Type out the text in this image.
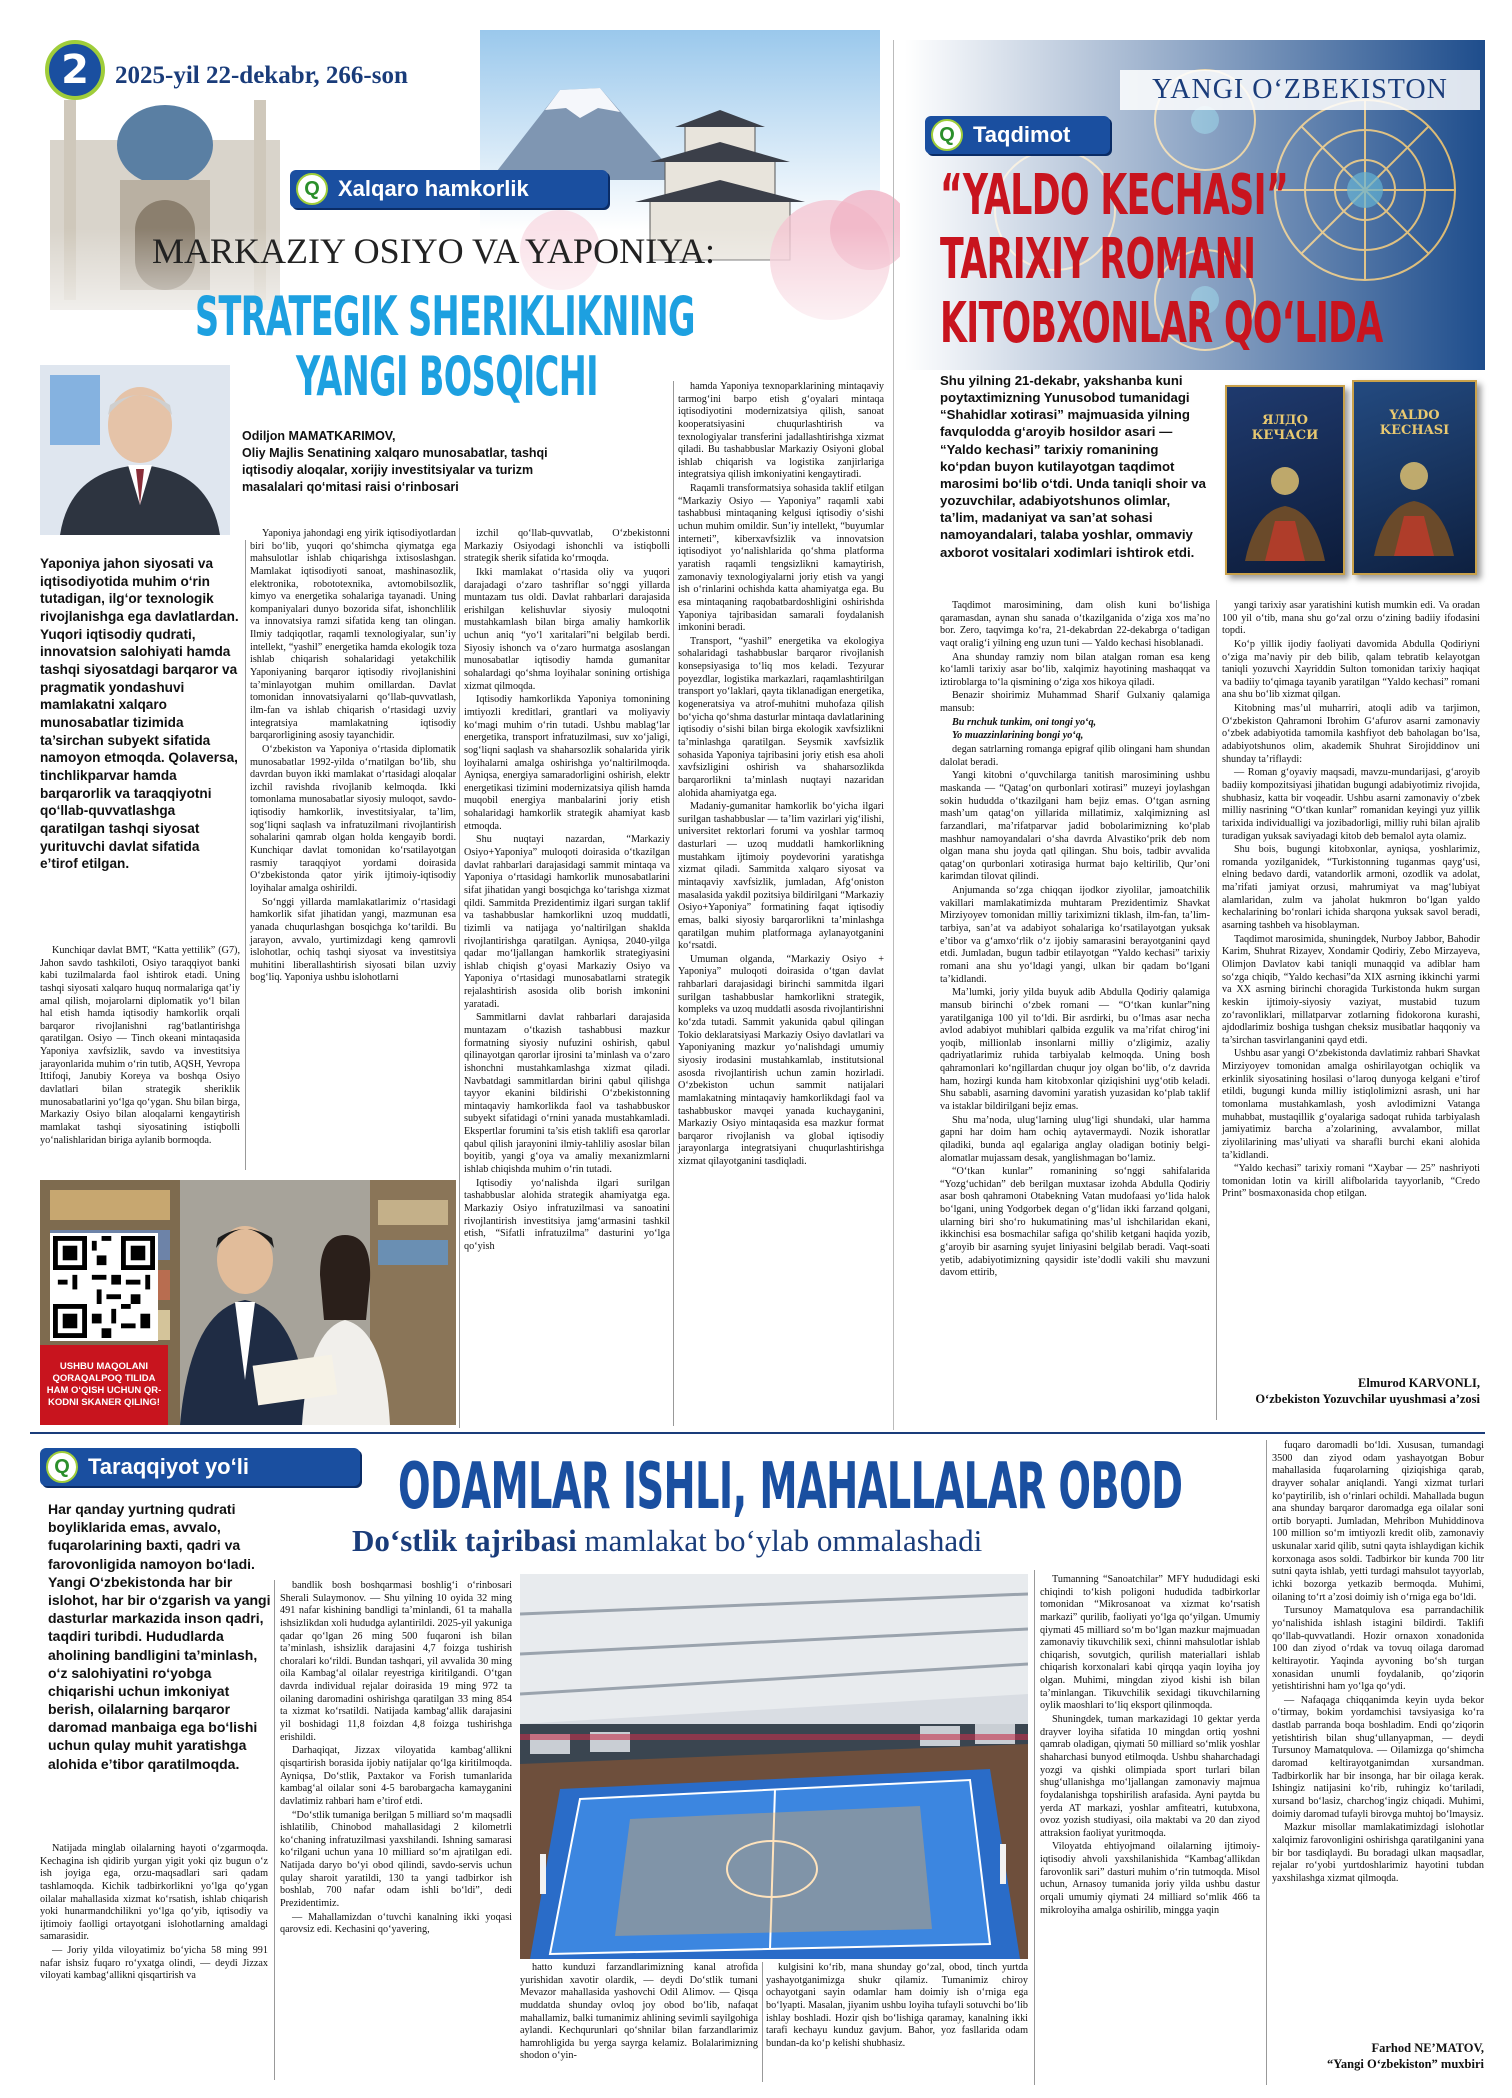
Q Xalqaro hamkorlik
MARKAZIY OSIYO VA YAPONIYA:
STRATEGIK SHERIKLIKNING
YANGI BOSQICHI
Odiljon MAMATKARIMOV,
Oliy Majlis Senatining xalqaro munosabatlar, tashqi iqtisodiy aloqalar, xorijiy investitsiyalar va turizm masalalari qo‘mitasi raisi o‘rinbosari
Yaponiya jahon siyosati va iqtisodiyotida muhim o‘rin tutadigan, ilg‘or texnologik rivojlanishga ega davlatlardan. Yuqori iqtisodiy qudrati, innovatsion salohiyati hamda tashqi siyosatdagi barqaror va pragmatik yondashuvi mamlakatni xalqaro munosabatlar tizimida ta’sirchan subyekt sifatida namoyon etmoqda. Qolaversa, tinchlikparvar hamda barqarorlik va taraqqiyotni qo‘llab-quvvatlashga qaratilgan tashqi siyosat yurituvchi davlat sifatida e’tirof etilgan.

Kunchiqar davlat BMT, “Katta yettilik” (G7), Jahon savdo tashkiloti, Osiyo taraqqiyot banki kabi tuzilmalarda faol ishtirok etadi. Uning tashqi siyosati xalqaro huquq normalariga qat’iy amal qilish, mojarolarni diplomatik yo‘l bilan hal etish hamda iqtisodiy hamkorlik orqali barqaror rivojlanishni rag‘batlantirishga qaratilgan. Osiyo — Tinch okeani mintaqasida Yaponiya xavfsizlik, savdo va investitsiya jarayonlarida muhim o‘rin tutib, AQSH, Yevropa Ittifoqi, Janubiy Koreya va boshqa Osiyo davlatlari bilan strategik sheriklik munosabatlarini yo‘lga qo‘ygan. Shu bilan birga, Markaziy Osiyo bilan aloqalarni kengaytirish mamlakat tashqi siyosatining istiqbolli yo‘nalishlaridan biriga aylanib bormoqda.

Yaponiya jahondagi eng yirik iqtisodiyotlardan biri bo‘lib, yuqori qo‘shimcha qiymatga ega mahsulotlar ishlab chiqarishga ixtisoslashgan. Mamlakat iqtisodiyoti sanoat, mashinasozlik, elektronika, robototexnika, avtomobilsozlik, kimyo va energetika sohalariga tayanadi. Uning kompaniyalari dunyo bozorida sifat, ishonchlilik va innovatsiya ramzi sifatida keng tan olingan. Ilmiy tadqiqotlar, raqamli texnologiyalar, sun’iy intellekt, “yashil” energetika hamda ekologik toza ishlab chiqarish sohalaridagi yetakchilik Yaponiyaning barqaror iqtisodiy rivojlanishini ta’minlayotgan muhim omillardan. Davlat tomonidan innovatsiyalarni qo‘llab-quvvatlash, ilm-fan va ishlab chiqarish o‘rtasidagi uzviy integratsiya mamlakatning iqtisodiy barqarorligining asosiy tayanchidir.

O‘zbekiston va Yaponiya o‘rtasida diplomatik munosabatlar 1992-yilda o‘rnatilgan bo‘lib, shu davrdan buyon ikki mamlakat o‘rtasidagi aloqalar izchil ravishda rivojlanib kelmoqda. Ikki tomonlama munosabatlar siyosiy muloqot, savdo-iqtisodiy hamkorlik, investitsiyalar, ta’lim, sog‘liqni saqlash va infratuzilmani rivojlantirish sohalarini qamrab olgan holda kengayib bordi. Kunchiqar davlat tomonidan ko‘rsatilayotgan rasmiy taraqqiyot yordami doirasida O‘zbekistonda qator yirik ijtimoiy-iqtisodiy loyihalar amalga oshirildi.

So‘nggi yillarda mamlakatlarimiz o‘rtasidagi hamkorlik sifat jihatidan yangi, mazmunan esa yanada chuqurlashgan bosqichga ko‘tarildi. Bu jarayon, avvalo, yurtimizdagi keng qamrovli islohotlar, ochiq tashqi siyosat va investitsiya muhitini liberallashtirish siyosati bilan uzviy bog‘liq. Yaponiya ushbu islohotlarni

izchil qo‘llab-quvvatlab, O‘zbekistonni Markaziy Osiyodagi ishonchli va istiqbolli strategik sherik sifatida ko‘rmoqda.

Ikki mamlakat o‘rtasida oliy va yuqori darajadagi o‘zaro tashriflar so‘nggi yillarda muntazam tus oldi. Davlat rahbarlari darajasida erishilgan kelishuvlar siyosiy muloqotni mustahkamlash bilan birga amaliy hamkorlik uchun aniq “yo‘l xaritalari”ni belgilab berdi. Siyosiy ishonch va o‘zaro hurmatga asoslangan munosabatlar iqtisodiy hamda gumanitar sohalardagi qo‘shma loyihalar sonining ortishiga xizmat qilmoqda.

Iqtisodiy hamkorlikda Yaponiya tomonining imtiyozli kreditlari, grantlari va moliyaviy ko‘magi muhim o‘rin tutadi. Ushbu mablag‘lar energetika, transport infratuzilmasi, suv xo‘jaligi, sog‘liqni saqlash va shaharsozlik sohalarida yirik loyihalarni amalga oshirishga yo‘naltirilmoqda. Ayniqsa, energiya samaradorligini oshirish, elektr energetikasi tizimini modernizatsiya qilish hamda muqobil energiya manbalarini joriy etish sohalaridagi hamkorlik strategik ahamiyat kasb etmoqda.

Shu nuqtayi nazardan, “Markaziy Osiyo+Yaponiya” muloqoti doirasida o‘tkazilgan davlat rahbarlari darajasidagi sammit mintaqa va Yaponiya o‘rtasidagi hamkorlik munosabatlarini sifat jihatidan yangi bosqichga ko‘tarishga xizmat qildi. Sammitda Prezidentimiz ilgari surgan taklif va tashabbuslar hamkorlikni uzoq muddatli, tizimli va natijaga yo‘naltirilgan shaklda rivojlantirishga qaratilgan. Ayniqsa, 2040-yilga qadar mo‘ljallangan hamkorlik strategiyasini ishlab chiqish g‘oyasi Markaziy Osiyo va Yaponiya o‘rtasidagi munosabatlarni strategik rejalashtirish asosida olib borish imkonini yaratadi.

Sammitlarni davlat rahbarlari darajasida muntazam o‘tkazish tashabbusi mazkur formatning siyosiy nufuzini oshirish, qabul qilinayotgan qarorlar ijrosini ta’minlash va o‘zaro ishonchni mustahkamlashga xizmat qiladi. Navbatdagi sammitlardan birini qabul qilishga tayyor ekanini bildirishi O‘zbekistonning mintaqaviy hamkorlikda faol va tashabbuskor subyekt sifatidagi o‘rnini yanada mustahkamladi. Ekspertlar forumini ta’sis etish taklifi esa qarorlar qabul qilish jarayonini ilmiy-tahliliy asoslar bilan boyitib, yangi g‘oya va amaliy mexanizmlarni ishlab chiqishda muhim o‘rin tutadi.

Iqtisodiy yo‘nalishda ilgari surilgan tashabbuslar alohida strategik ahamiyatga ega. Markaziy Osiyo infratuzilmasi va sanoatini rivojlantirish investitsiya jamg‘armasini tashkil etish, “Sifatli infratuzilma” dasturini yo‘lga qo‘yish

hamda Yaponiya texnoparklarining mintaqaviy tarmog‘ini barpo etish g‘oyalari mintaqa iqtisodiyotini modernizatsiya qilish, sanoat kooperatsiyasini chuqurlashtirish va texnologiyalar transferini jadallashtirishga xizmat qiladi. Bu tashabbuslar Markaziy Osiyoni global ishlab chiqarish va logistika zanjirlariga integratsiya qilish imkoniyatini kengaytiradi.

Raqamli transformatsiya sohasida taklif etilgan “Markaziy Osiyo — Yaponiya” raqamli xabi tashabbusi mintaqaning kelgusi iqtisodiy o‘sishi uchun muhim omildir. Sun’iy intellekt, “buyumlar interneti”, kiberxavfsizlik va innovatsion iqtisodiyot yo‘nalishlarida qo‘shma platforma yaratish raqamli tengsizlikni kamaytirish, zamonaviy texnologiyalarni joriy etish va yangi ish o‘rinlarini ochishda katta ahamiyatga ega. Bu esa mintaqaning raqobatbardoshligini oshirishda Yaponiya tajribasidan samarali foydalanish imkonini beradi.

Transport, “yashil” energetika va ekologiya sohalaridagi tashabbuslar barqaror rivojlanish konsepsiyasiga to‘liq mos keladi. Tezyurar poyezdlar, logistika markazlari, raqamlashtirilgan transport yo‘laklari, qayta tiklanadigan energetika, kogeneratsiya va atrof-muhitni muhofaza qilish bo‘yicha qo‘shma dasturlar mintaqa davlatlarining iqtisodiy o‘sishi bilan birga ekologik xavfsizlikni ta’minlashga qaratilgan. Seysmik xavfsizlik sohasida Yaponiya tajribasini joriy etish esa aholi xavfsizligini oshirish va shaharsozlikda barqarorlikni ta’minlash nuqtayi nazaridan alohida ahamiyatga ega.

Madaniy-gumanitar hamkorlik bo‘yicha ilgari surilgan tashabbuslar — ta’lim vazirlari yig‘ilishi, universitet rektorlari forumi va yoshlar tarmoq dasturlari — uzoq muddatli hamkorlikning mustahkam ijtimoiy poydevorini yaratishga xizmat qiladi. Sammitda xalqaro siyosat va mintaqaviy xavfsizlik, jumladan, Afg‘oniston masalasida yakdil pozitsiya bildirilgani “Markaziy Osiyo+Yaponiya” formatining faqat iqtisodiy emas, balki siyosiy barqarorlikni ta’minlashga qaratilgan muhim platformaga aylanayotganini ko‘rsatdi.

Umuman olganda, “Markaziy Osiyo + Yaponiya” muloqoti doirasida o‘tgan davlat rahbarlari darajasidagi birinchi sammitda ilgari surilgan tashabbuslar hamkorlikni strategik, kompleks va uzoq muddatli asosda rivojlantirishni ko‘zda tutadi. Sammit yakunida qabul qilingan Tokio deklaratsiyasi Markaziy Osiyo davlatlari va Yaponiyaning mazkur yo‘nalishdagi umumiy siyosiy irodasini mustahkamlab, institutsional asosda rivojlantirish uchun zamin hozirladi. O‘zbekiston uchun sammit natijalari mamlakatning mintaqaviy hamkorlikdagi faol va tashabbuskor mavqei yanada kuchayganini, Markaziy Osiyo mintaqasida esa mazkur format barqaror rivojlanish va global iqtisodiy jarayonlarga integratsiyani chuqurlashtirishga xizmat qilayotganini tasdiqladi.

USHBU MAQOLANI QORAQALPOQ TILIDA HAM O‘QISH UCHUN QR-KODNI SKANER QILING!
YANGI O‘ZBEKISTON
Q Taqdimot
“YALDO KECHASI”
TARIXIY ROMANI
KITOBXONLAR QO‘LIDA
Shu yilning 21-dekabr, yakshanba kuni poytaxtimizning Yunusobod tumanidagi “Shahidlar xotirasi” majmuasida yilning favqulodda g‘aroyib hosildor asari — “Yaldo kechasi” tarixiy romanining ko‘pdan buyon kutilayotgan taqdimot marosimi bo‘lib o‘tdi. Unda taniqli shoir va yozuvchilar, adabiyotshunos olimlar, ta’lim, madaniyat va san’at sohasi namoyandalari, talaba yoshlar, ommaviy axborot vositalari xodimlari ishtirok etdi.
ЯЛДО КЕЧАСИ
YALDO KECHASI

Taqdimot marosimining, dam olish kuni bo‘lishiga qaramasdan, aynan shu sanada o‘tkazilganida o‘ziga xos ma’no bor. Zero, taqvimga ko‘ra, 21-dekabrdan 22-dekabrga o‘tadigan vaqt oralig‘i yilning eng uzun tuni — Yaldo kechasi hisoblanadi.

Ana shunday ramziy nom bilan atalgan roman esa keng ko‘lamli tarixiy asar bo‘lib, xalqimiz hayotining mashaqqat va iztiroblarga to‘la qismining o‘ziga xos hikoya qiladi.

Benazir shoirimiz Muhammad Sharif Gulxaniy qalamiga mansub:

Bu rnchuk tunkim, oni tongi yo‘q,

Yo muazzinlarining bongi yo‘q,

degan satrlarning romanga epigraf qilib olingani ham shundan dalolat beradi.

Yangi kitobni o‘quvchilarga tanitish marosimining ushbu maskanda — “Qatag‘on qurbonlari xotirasi” muzeyi joylashgan sokin hududda o‘tkazilgani ham bejiz emas. O‘tgan asrning mash’um qatag‘on yillarida millatimiz, xalqimizning asl farzandlari, ma’rifatparvar jadid bobolarimizning ko‘plab mashhur namoyandalari o‘sha davrda Alvastiko‘prik deb nom olgan mana shu joyda qatl qilingan. Shu bois, tadbir avvalida qatag‘on qurbonlari xotirasiga hurmat bajo keltirilib, Qur’oni karimdan tilovat qilindi.

Anjumanda so‘zga chiqqan ijodkor ziyolilar, jamoatchilik vakillari mamlakatimizda muhtaram Prezidentimiz Shavkat Mirziyoyev tomonidan milliy tariximizni tiklash, ilm-fan, ta’lim-tarbiya, san’at va adabiyot sohalariga ko‘rsatilayotgan yuksak e’tibor va g‘amxo‘rlik o‘z ijobiy samarasini berayotganini qayd etdi. Jumladan, bugun tadbir etilayotgan “Yaldo kechasi” tarixiy romani ana shu yo‘ldagi yangi, ulkan bir qadam bo‘lgani ta’kidlandi.

Ma’lumki, joriy yilda buyuk adib Abdulla Qodiriy qalamiga mansub birinchi o‘zbek romani — “O‘tkan kunlar”ning yaratilganiga 100 yil to‘ldi. Bir asrdirki, bu o‘lmas asar necha avlod adabiyot muhiblari qalbida ezgulik va ma’rifat chirog‘ini yoqib, millionlab insonlarni milliy o‘zligimiz, azaliy qadriyatlarimiz ruhida tarbiyalab kelmoqda. Uning bosh qahramonlari ko‘ngillardan chuqur joy olgan bo‘lib, o‘z davrida ham, hozirgi kunda ham kitobxonlar qiziqishini uyg‘otib keladi. Shu sababli, asarning davomini yaratish yuzasidan ko‘plab taklif va istaklar bildirilgani bejiz emas.

Shu ma’noda, ulug‘larning ulug‘ligi shundaki, ular hamma gapni har doim ham ochiq aytavermaydi. Nozik ishoratlar qiladiki, bunda aql egalariga anglay oladigan botiniy belgi-alomatlar mujassam desak, yanglishmagan bo‘lamiz.

“O‘tkan kunlar” romanining so‘nggi sahifalarida “Yozg‘uchidan” deb berilgan muxtasar izohda Abdulla Qodiriy asar bosh qahramoni Otabekning Vatan mudofaasi yo‘lida halok bo‘lgani, uning Yodgorbek degan o‘g‘lidan ikki farzand qolgani, ularning biri sho‘ro hukumatining mas’ul ishchilaridan ekani, ikkinchisi esa bosmachilar safiga qo‘shilib ketgani haqida yozib, g‘aroyib bir asarning syujet liniyasini belgilab beradi. Vaqt-soati yetib, adabiyotimizning qaysidir iste’dodli vakili shu mavzuni davom ettirib,

yangi tarixiy asar yaratishini kutish mumkin edi. Va oradan 100 yil o‘tib, mana shu go‘zal orzu o‘zining badiiy ifodasini topdi.

Ko‘p yillik ijodiy faoliyati davomida Abdulla Qodiriyni o‘ziga ma’naviy pir deb bilib, qalam tebratib kelayotgan taniqli yozuvchi Xayriddin Sulton tomonidan tarixiy haqiqat va badiiy to‘qimaga tayanib yaratilgan “Yaldo kechasi” romani ana shu bo‘lib xizmat qilgan.

Kitobning mas’ul muharriri, atoqli adib va tarjimon, O‘zbekiston Qahramoni Ibrohim G‘afurov asarni zamonaviy o‘zbek adabiyotida tamomila kashfiyot deb baholagan bo‘lsa, adabiyotshunos olim, akademik Shuhrat Sirojiddinov uni shunday ta’riflaydi:

— Roman g‘oyaviy maqsadi, mavzu-mundarijasi, g‘aroyib badiiy kompozitsiyasi jihatidan bugungi adabiyotimiz rivojida, shubhasiz, katta bir voqeadir. Ushbu asarni zamonaviy o‘zbek milliy nasrining “O‘tkan kunlar” romanidan keyingi yuz yillik tarixida individualligi va jozibadorligi, milliy ruhi bilan ajralib turadigan yuksak saviyadagi kitob deb bemalol ayta olamiz.

Shu bois, bugungi kitobxonlar, ayniqsa, yoshlarimiz, romanda yozilganidek, “Turkistonning tuganmas qayg‘usi, elning bedavo dardi, vatandorlik armoni, ozodlik va adolat, ma’rifati jamiyat orzusi, mahrumiyat va mag‘lubiyat alamlaridan, zulm va jaholat hukmron bo‘lgan yaldo kechalarining bo‘ronlari ichida sharqona yuksak savol beradi, asarning tashbeh va hisoblayman.

Taqdimot marosimida, shuningdek, Nurboy Jabbor, Bahodir Karim, Shuhrat Rizayev, Xondamir Qodiriy, Zebo Mirzayeva, Olimjon Davlatov kabi taniqli munaqqid va adiblar ham so‘zga chiqib, “Yaldo kechasi”da XIX asrning ikkinchi yarmi va XX asrning birinchi choragida Turkistonda hukm surgan keskin ijtimoiy-siyosiy vaziyat, mustabid tuzum zo‘ravonliklari, millatparvar zotlarning fidokorona kurashi, ajdodlarimiz boshiga tushgan cheksiz musibatlar haqqoniy va ta’sirchan tasvirlanganini qayd etdi.

Ushbu asar yangi O‘zbekistonda davlatimiz rahbari Shavkat Mirziyoyev tomonidan amalga oshirilayotgan ochiqlik va erkinlik siyosatining hosilasi o‘laroq dunyoga kelgani e’tirof etildi, bugungi kunda milliy istiqlolimizni asrash, uni har tomonlama mustahkamlash, yosh avlodimizni Vatanga muhabbat, mustaqillik g‘oyalariga sadoqat ruhida tarbiyalash jamiyatimiz barcha a’zolarining, avvalambor, millat ziyolilarining mas’uliyati va sharafli burchi ekani alohida ta’kidlandi.

“Yaldo kechasi” tarixiy romani “Xaybar — 25” nashriyoti tomonidan lotin va kirill alifbolarida tayyorlanib, “Credo Print” bosmaxonasida chop etilgan.

Elmurod KARVONLI,
O‘zbekiston Yozuvchilar uyushmasi a’zosi
Q Taraqqiyot yo‘li ODAMLAR ISHLI, MAHALLALAR OBOD
Do‘stlik tajribasi mamlakat bo‘ylab ommalashadi
Har qanday yurtning qudrati boyliklarida emas, avvalo, fuqarolarining baxti, qadri va farovonligida namoyon bo‘ladi. Yangi O‘zbekistonda har bir islohot, har bir o‘zgarish va yangi dasturlar markazida inson qadri, taqdiri turibdi. Hududlarda aholining bandligini ta’minlash, o‘z salohiyatini ro‘yobga chiqarishi uchun imkoniyat berish, oilalarning barqaror daromad manbaiga ega bo‘lishi uchun qulay muhit yaratishga alohida e’tibor qaratilmoqda.

Natijada minglab oilalarning hayoti o‘zgarmoqda. Kechagina ish qidirib yurgan yigit yoki qiz bugun o‘z ish joyiga ega, orzu-maqsadlari sari qadam tashlamoqda. Kichik tadbirkorlikni yo‘lga qo‘ygan oilalar mahallasida xizmat ko‘rsatish, ishlab chiqarish yoki hunarmandchilikni yo‘lga qo‘yib, iqtisodiy va ijtimoiy faolligi ortayotgani islohotlarning amaldagi samarasidir.

— Joriy yilda viloyatimiz bo‘yicha 58 ming 991 nafar ishsiz fuqaro ro‘yxatga olindi, — deydi Jizzax viloyati kambag‘allikni qisqartirish va

bandlik bosh boshqarmasi boshlig‘i o‘rinbosari Sherali Sulaymonov. — Shu yilning 10 oyida 32 ming 491 nafar kishining bandligi ta’minlandi, 61 ta mahalla ishsizlikdan xoli hududga aylantirildi. 2025-yil yakuniga qadar qo‘lgan 26 ming 500 fuqaroni ish bilan ta’minlash, ishsizlik darajasini 4,7 foizga tushirish choralari ko‘rildi. Bundan tashqari, yil avvalida 30 ming oila Kambag‘al oilalar reyestriga kiritilgandi. O‘tgan davrda individual rejalar doirasida 19 ming 972 ta oilaning daromadini oshirishga qaratilgan 33 ming 854 ta xizmat ko‘rsatildi. Natijada kambag‘allik darajasini yil boshidagi 11,8 foizdan 4,8 foizga tushirishga erishildi.

Darhaqiqat, Jizzax viloyatida kambag‘allikni qisqartirish borasida ijobiy natijalar qo‘lga kiritilmoqda. Ayniqsa, Do‘stlik, Paxtakor va Forish tumanlarida kambag‘al oilalar soni 4-5 barobargacha kamayganini davlatimiz rahbari ham e’tirof etdi.

“Do‘stlik tumaniga berilgan 5 milliard so‘m maqsadli ishlatilib, Chinobod mahallasidagi 2 kilometrli ko‘chaning infratuzilmasi yaxshilandi. Ishning samarasi ko‘rilgani uchun yana 10 milliard so‘m ajratilgan edi. Natijada daryo bo‘yi obod qilindi, savdo-servis uchun qulay sharoit yaratildi, 130 ta yangi tadbirkor ish boshlab, 700 nafar odam ishli bo‘ldi”, dedi Prezidentimiz.

— Mahallamizdan o‘tuvchi kanalning ikki yoqasi qarovsiz edi. Kechasini qo‘yavering,

hatto kunduzi farzandlarimizning kanal atrofida yurishidan xavotir olardik, — deydi Do‘stlik tumani Mevazor mahallasida yashovchi Odil Alimov. — Qisqa muddatda shunday ovloq joy obod bo‘lib, nafaqat mahallamiz, balki tumanimiz ahlining sevimli sayilgohiga aylandi. Kechqurunlari qo‘shnilar bilan farzandlarimiz hamrohligida bu yerga sayrga kelamiz. Bolalarimizning shodon o‘yin-

kulgisini ko‘rib, mana shunday go‘zal, obod, tinch yurtda yashayotganimizga shukr qilamiz. Tumanimiz chiroy ochayotgani sayin odamlar ham doimiy ish o‘rniga ega bo‘lyapti. Masalan, jiyanim ushbu loyiha tufayli sotuvchi bo‘lib ishlay boshladi. Hozir qish bo‘lishiga qaramay, kanalning ikki tarafi kechayu kunduz gavjum. Bahor, yoz fasllarida odam bundan-da ko‘p kelishi shubhasiz.

Tumanning “Sanoatchilar” MFY hududidagi eski chiqindi to‘kish poligoni hududida tadbirkorlar tomonidan “Mikrosanoat va xizmat ko‘rsatish markazi” qurilib, faoliyati yo‘lga qo‘yilgan. Umumiy qiymati 45 milliard so‘m bo‘lgan mazkur majmuadan zamonaviy tikuvchilik sexi, chinni mahsulotlar ishlab chiqarish, sovutgich, qurilish materiallari ishlab chiqarish korxonalari kabi qirqqa yaqin loyiha joy olgan. Muhimi, mingdan ziyod kishi ish bilan ta’minlangan. Tikuvchilik sexidagi tikuvchilarning oylik maoshlari to‘liq eksport qilinmoqda.

Shuningdek, tuman markazidagi 10 gektar yerda drayver loyiha sifatida 10 mingdan ortiq yoshni qamrab oladigan, qiymati 50 milliard so‘mlik yoshlar shaharchasi bunyod etilmoqda. Ushbu shaharchadagi yozgi va qishki olimpiada sport turlari bilan shug‘ullanishga mo‘ljallangan zamonaviy majmua foydalanishga topshirilish arafasida. Ayni paytda bu yerda AT markazi, yoshlar amfiteatri, kutubxona, ovoz yozish studiyasi, oila maktabi va 20 dan ziyod attraksion faoliyat yuritmoqda.

Viloyatda ehtiyojmand oilalarning ijtimoiy-iqtisodiy ahvoli yaxshilanishida “Kambag‘allikdan farovonlik sari” dasturi muhim o‘rin tutmoqda. Misol uchun, Arnasoy tumanida joriy yilda ushbu dastur orqali umumiy qiymati 24 milliard so‘mlik 466 ta mikroloyiha amalga oshirilib, mingga yaqin

fuqaro daromadli bo‘ldi. Xususan, tumandagi 3500 dan ziyod odam yashayotgan Bobur mahallasida fuqarolarning qiziqishiga qarab, drayver sohalar aniqlandi. Yangi xizmat turlari ko‘paytirilib, ish o‘rinlari ochildi. Mahallada bugun ana shunday barqaror daromadga ega oilalar soni ortib boryapti. Jumladan, Mehribon Muhiddinova 100 million so‘m imtiyozli kredit olib, zamonaviy uskunalar xarid qilib, sutni qayta ishlaydigan kichik korxonaga asos soldi. Tadbirkor bir kunda 700 litr sutni qayta ishlab, yetti turdagi mahsulot tayyorlab, ichki bozorga yetkazib bermoqda. Muhimi, oilaning to‘rt a’zosi doimiy ish o‘rniga ega bo‘ldi.

Tursunoy Mamatqulova esa parrandachilik yo‘nalishida ishlash istagini bildirdi. Taklifi qo‘llab-quvvatlandi. Hozir ornaxon xonadonida 100 dan ziyod o‘rdak va tovuq oilaga daromad keltirayotir. Yaqinda ayvoning bo‘sh turgan xonasidan unumli foydalanib, qo‘ziqorin yetishtirishni ham yo‘lga qo‘ydi.

— Nafaqaga chiqqanimda keyin uyda bekor o‘tirmay, bokim yordamchisi tavsiyasiga ko‘ra dastlab parranda boqa boshladim. Endi qo‘ziqorin yetishtirish bilan shug‘ullanyapman, — deydi Tursunoy Mamatqulova. — Oilamizga qo‘shimcha daromad keltirayotganimdan xursandman. Tadbirkorlik har bir insonga, har bir oilaga kerak. Ishingiz natijasini ko‘rib, ruhingiz ko‘tariladi, xursand bo‘lasiz, charchog‘ingiz chiqadi. Muhimi, doimiy daromad tufayli birovga muhtoj bo‘lmaysiz.

Mazkur misollar mamlakatimizdagi islohotlar xalqimiz farovonligini oshirishga qaratilganini yana bir bor tasdiqlaydi. Bu boradagi ulkan maqsadlar, rejalar ro‘yobi yurtdoshlarimiz hayotini tubdan yaxshilashga xizmat qilmoqda.

Farhod NE’MATOV,
“Yangi O‘zbekiston” muxbiri
